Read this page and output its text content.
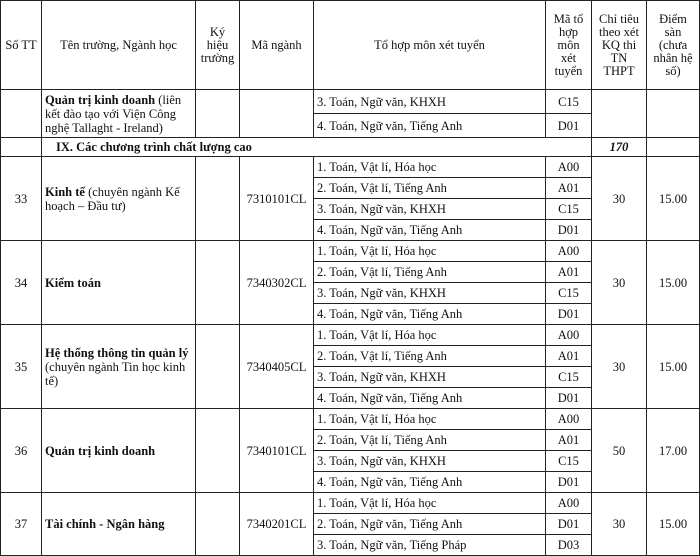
Số TT	Tên trường, Ngành học	Ký hiệu trường	Mã ngành	Tổ hợp môn xét tuyển	Mã tổ hợp môn xét tuyển	Chỉ tiêu theo xét KQ thi TN THPT	Điểm sàn (chưa nhân hệ số)
	Quản trị kinh doanh (liên kết đào tạo với Viện Công nghệ Tallaght - Ireland)			3. Toán, Ngữ văn, KHXH	C15		
				4. Toán, Ngữ văn, Tiếng Anh	D01		
	IX. Các chương trình chất lượng cao					170	
33	Kinh tế (chuyên ngành Kế hoạch – Đầu tư)		7310101CL	1. Toán, Vật lí, Hóa học	A00	30	15.00
				2. Toán, Vật lí, Tiếng Anh	A01		
				3. Toán, Ngữ văn, KHXH	C15		
				4. Toán, Ngữ văn, Tiếng Anh	D01		
34	Kiểm toán		7340302CL	1. Toán, Vật lí, Hóa học	A00	30	15.00
				2. Toán, Vật lí, Tiếng Anh	A01		
				3. Toán, Ngữ văn, KHXH	C15		
				4. Toán, Ngữ văn, Tiếng Anh	D01		
35	Hệ thống thông tin quản lý (chuyên ngành Tin học kinh tế)		7340405CL	1. Toán, Vật lí, Hóa học	A00	30	15.00
				2. Toán, Vật lí, Tiếng Anh	A01		
				3. Toán, Ngữ văn, KHXH	C15		
				4. Toán, Ngữ văn, Tiếng Anh	D01		
36	Quản trị kinh doanh		7340101CL	1. Toán, Vật lí, Hóa học	A00	50	17.00
				2. Toán, Vật lí, Tiếng Anh	A01		
				3. Toán, Ngữ văn, KHXH	C15		
				4. Toán, Ngữ văn, Tiếng Anh	D01		
37	Tài chính - Ngân hàng		7340201CL	1. Toán, Vật lí, Hóa học	A00	30	15.00
				2. Toán, Ngữ văn, Tiếng Anh	D01		
				3. Toán, Ngữ văn, Tiếng Pháp	D03		
